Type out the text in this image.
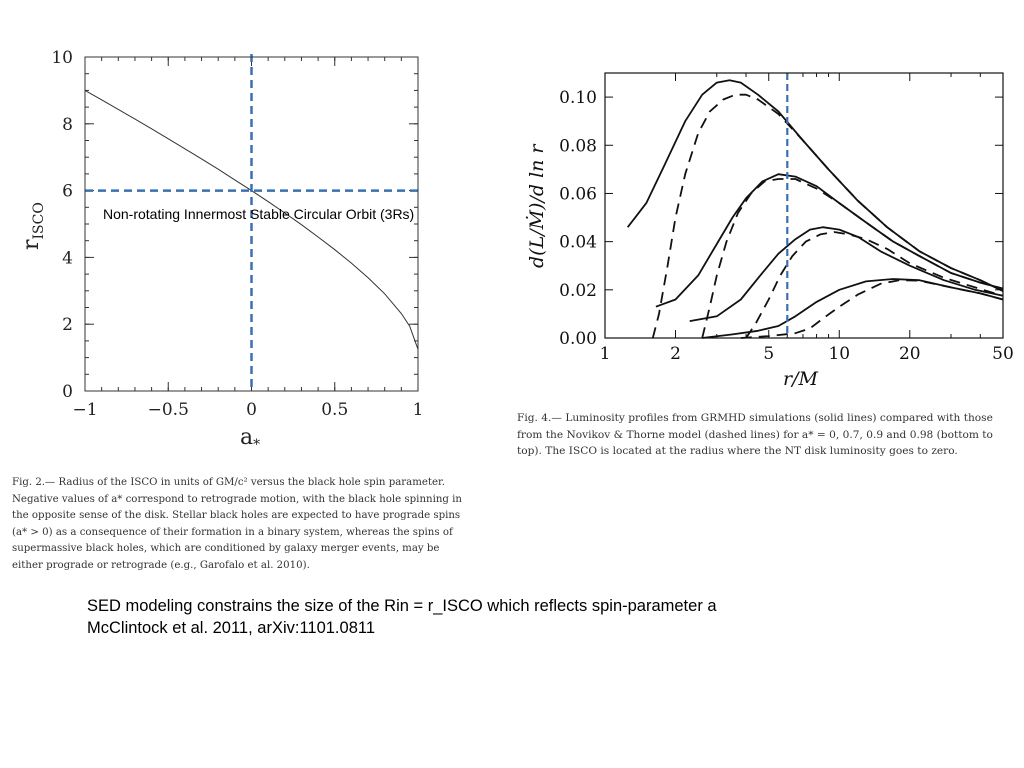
−1	−0.5	0	0.5	1
0
2
4
6
8
10
Non-rotating Innermost Stable Circular Orbit (3Rs)
$a_*$
$r_{ISCO}$
1	2	5	10	20	50
0.00
0.02
0.04
0.06
0.08
0.10
r/M
d(L/Ṁ)/d ln r
Fig. 2.— Radius of the ISCO in units of GM/c² versus the black hole spin parameter. Negative values of a* correspond to retrograde motion, with the black hole spinning in the opposite sense of the disk. Stellar black holes are expected to have prograde spins (a* > 0) as a consequence of their formation in a binary system, whereas the spins of supermassive black holes, which are conditioned by galaxy merger events, may be either prograde or retrograde (e.g., Garofalo et al. 2010).
Fig. 4.— Luminosity profiles from GRMHD simulations (solid lines) compared with those from the Novikov & Thorne model (dashed lines) for a* = 0, 0.7, 0.9 and 0.98 (bottom to top). The ISCO is located at the radius where the NT disk luminosity goes to zero.
SED modeling constrains the size of the Rin = r_ISCO which reflects spin-parameter a
McClintock et al. 2011, arXiv:1101.0811
